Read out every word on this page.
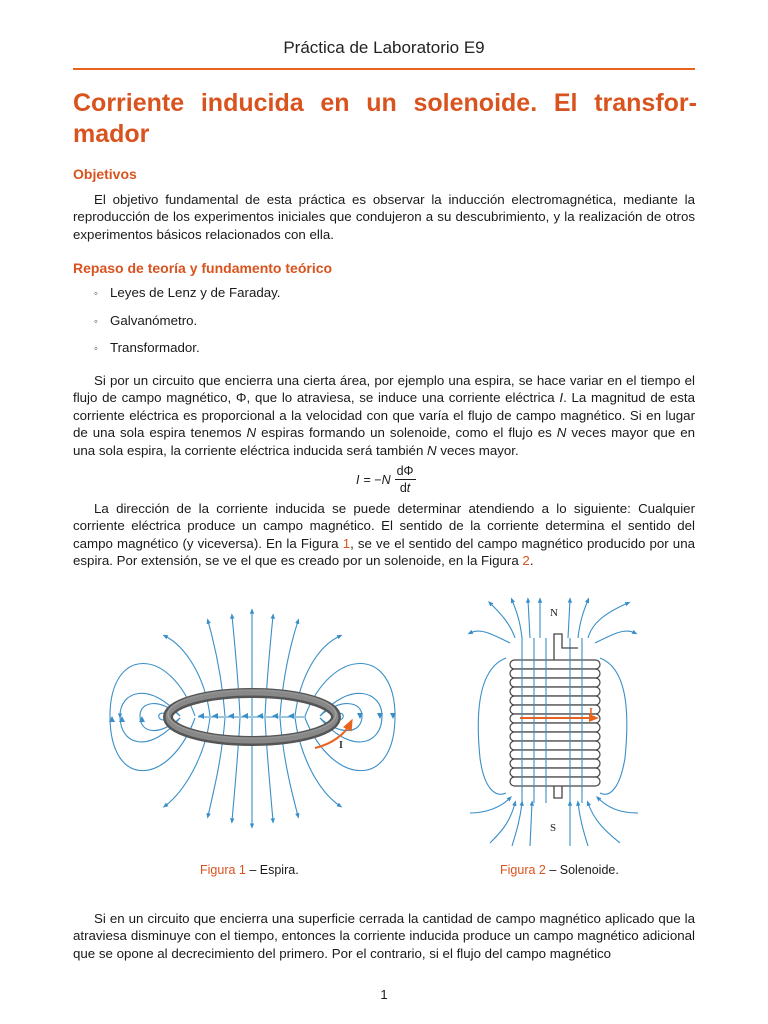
Práctica de Laboratorio E9
Corriente inducida en un solenoide. El transfor-
mador
Objetivos

El objetivo fundamental de esta práctica es observar la inducción electromagnética, mediante la reproducción de los experimentos iniciales que condujeron a su descubrimiento, y la realización de otros experimentos básicos relacionados con ella.

Repaso de teoría y fundamento teórico
◦ Leyes de Lenz y de Faraday.
◦ Galvanómetro.
◦ Transformador.

Si por un circuito que encierra una cierta área, por ejemplo una espira, se hace variar en el tiempo el flujo de campo magnético, Φ, que lo atraviesa, se induce una corriente eléctrica I. La magnitud de esta corriente eléctrica es proporcional a la velocidad con que varía el flujo de campo magnético. Si en lugar de una sola espira tenemos N espiras formando un solenoide, como el flujo es N veces mayor que en una sola espira, la corriente eléctrica inducida será también N veces mayor.

I = − N $\frac{d\Phi}{dt}$

La dirección de la corriente inducida se puede determinar atendiendo a lo siguiente: Cualquier corriente eléctrica produce un campo magnético. El sentido de la corriente determina el sentido del campo magnético (y viceversa). En la Figura 1, se ve el sentido del campo magnético producido por una espira. Por extensión, se ve el que es creado por un solenoide, en la Figura 2.

I
I
N
S
Figura 1 – Espira.	Figura 2 – Solenoide.

Si en un circuito que encierra una superficie cerrada la cantidad de campo magnético aplicado que la atraviesa disminuye con el tiempo, entonces la corriente inducida produce un campo magnético adicional que se opone al decrecimiento del primero. Por el contrario, si el flujo del campo magnético

1
